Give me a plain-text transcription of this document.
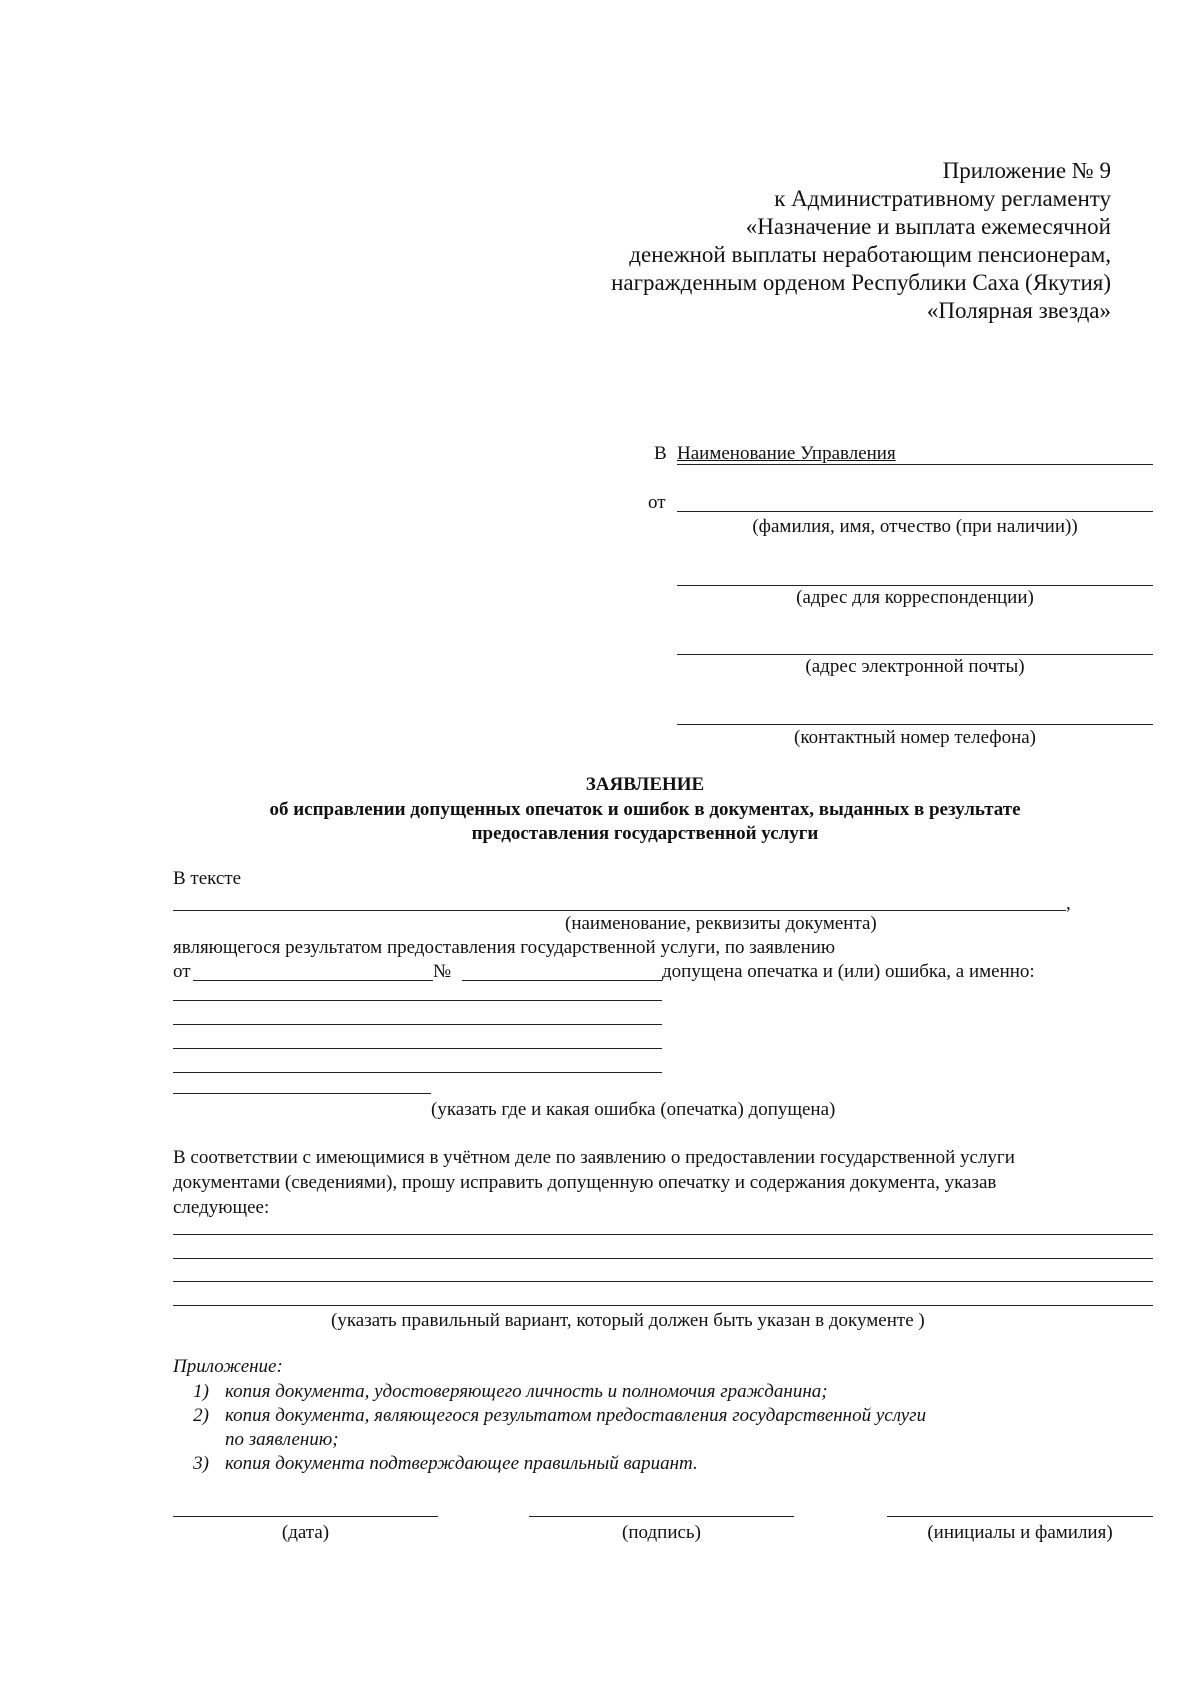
Приложение № 9
к Административному регламенту
«Назначение и выплата ежемесячной
денежной выплаты неработающим пенсионерам,
награжденным орденом Республики Саха (Якутия)
«Полярная звезда»
В Наименование Управления
от
(фамилия, имя, отчество (при наличии))
(адрес для корреспонденции)
(адрес электронной почты)
(контактный номер телефона)
ЗАЯВЛЕНИЕ
об исправлении допущенных опечаток и ошибок в документах, выданных в результате
предоставления государственной услуги
В тексте
,
(наименование, реквизиты документа)
являющегося результатом предоставления государственной услуги, по заявлению
от	№	допущена опечатка и (или) ошибка, а именно:
(указать где и какая ошибка (опечатка) допущена)
В соответствии с имеющимися в учётном деле по заявлению о предоставлении государственной услуги
документами (сведениями), прошу исправить допущенную опечатку и содержания документа, указав
следующее:
(указать правильный вариант, который должен быть указан в документе )
Приложение:
1) копия документа, удостоверяющего личность и полномочия гражданина;
2) копия документа, являющегося результатом предоставления государственной услуги
по заявлению;
3) копия документа подтверждающее правильный вариант.
(дата)	(подпись)	(инициалы и фамилия)
